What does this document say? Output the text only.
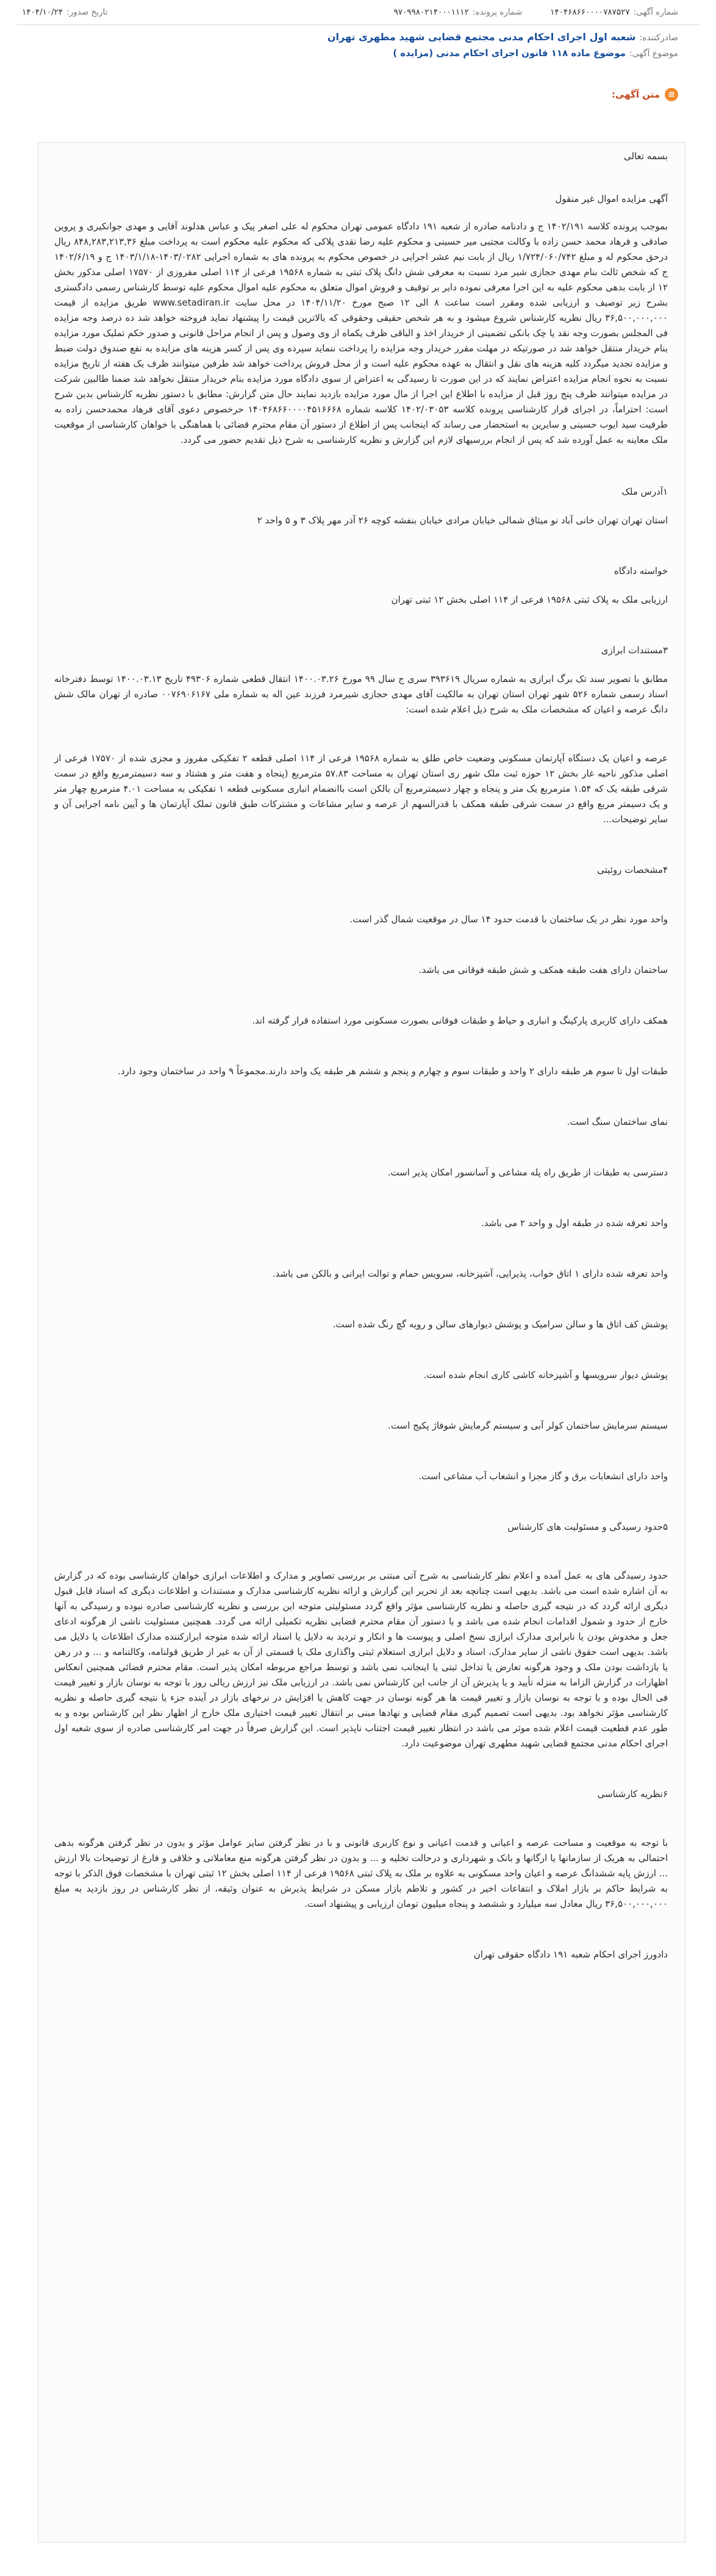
شماره آگهی:۱۴۰۴۶۸۶۶۰۰۰۰۷۸۷۵۲۷
شماره پرونده:۹۷۰۹۹۸۰۲۱۴۰۰۰۱۱۱۲
تاریخ صدور:۱۴۰۴/۱۰/۲۴
صادرکننده:شعبه اول اجرای احکام مدنی مجتمع قضایی شهید مطهری تهران
موضوع آگهی:موضوع ماده ۱۱۸ قانون اجرای احکام مدنی (مزایده )
≡
متن آگهی:

بسمه تعالی

آگهی مزایده اموال غیر منقول

بموجب پرونده کلاسه ۱۴۰۲/۱۹۱ ج و دادنامه صادره از شعبه ۱۹۱ دادگاه عمومی تهران محکوم له علی اصغر پیک و عباس هدلوند آقایی و مهدی جوانکیری و پروین صادقی و فرهاد محمد حسن زاده با وکالت مجتبی میر حسینی و محکوم علیه رضا نقدی پلاکی که محکوم علیه محکوم است به پرداخت مبلغ ۸۴۸,۲۸۳,۲۱۳,۳۶ ریال درحق محکوم له و مبلغ ۱/۷۲۴/۰۶۰/۷۴۲ ریال از بابت نیم عشر اجرایی در خصوص محکوم به پرونده های به شماره اجرایی ۱۴۰۳/۰۲۸۲-۱۴۰۳/۱/۱۸ ج و ۱۴۰۲/۶/۱۹ ج که شخص ثالث بنام مهدی حجازی شیر مرد نسبت به معرفی شش دانگ پلاک ثبتی به شماره ۱۹۵۶۸ فرعی از ۱۱۴ اصلی مفروزی از ۱۷۵۷۰ اصلی مذکور بخش ۱۲ از بابت بدهی محکوم علیه به این اجرا معرفی نموده دایر بر توقیف و فروش اموال متعلق به محکوم علیه اموال محکوم علیه توسط کارشناس رسمی دادگستری بشرح زیر توصیف و ارزیابی شده ومقرر است ساعت ۸ الی ۱۲ صبح مورخ ۱۴۰۴/۱۱/۲۰ در محل سایت www.setadiran.ir طریق مزایده از قیمت ۳۶,۵۰۰,۰۰۰,۰۰۰ ریال نظریه کارشناس شروع میشود و به هر شخص حقیقی وحقوقی که بالاترین قیمت را پیشنهاد نماید فروخته خواهد شد ده درصد وجه مزایده فی المجلس بصورت وجه نقد یا چک بانکی تضمینی از خریدار اخذ و الباقی ظرف یکماه از وی وصول و پس از انجام مراحل قانونی و صدور حکم تملیک مورد مزایده بنام خریدار منتقل خواهد شد در صورتیکه در مهلت مقرر خریدار وجه مزایده را پرداخت ننماید سپرده وی پس از کسر هزینه های مزایده به نفع صندوق دولت ضبط و مزایده تجدید میگردد کلیه هزینه های نقل و انتقال به عهده محکوم علیه است و از محل فروش پرداخت خواهد شد طرفین میتوانند ظرف یک هفته از تاریخ مزایده نسبت به نحوه انجام مزایده اعتراض نمایند که در این صورت تا رسیدگی به اعتراض از سوی دادگاه مورد مزایده بنام خریدار منتقل نخواهد شد ضمنا طالبین شرکت در مزایده میتوانند ظرف پنج روز قبل از مزایده با اطلاع این اجرا از مال مورد مزایده بازدید نمایند حال متن گزارش: مطابق با دستور نظریه کارشناس بدین شرح است: احتراماً، در اجرای قرار کارشناسی پرونده کلاسه ۱۴۰۲/۰۳۰۵۳ کلاسه شماره ۱۴۰۴۶۸۶۶۰۰۰۰۴۵۱۶۶۶۸ حرخصوص دعوی آقای فرهاد محمدحسن زاده به طرفیت سید ایوب حسینی و سایرین به استحضار می رساند که اینجانب پس از اطلاع از دستور آن مقام محترم قضائی با هماهنگی با خواهان کارشناسی از موقعیت ملک معاینه به عمل آورده شد که پس از انجام بررسیهای لازم این گزارش و نظریه کارشناسی به شرح ذیل تقدیم حضور می گردد.

۱آدرس ملک

استان تهران تهران خانی آباد نو میثاق شمالی خیابان مرادی خیابان بنفشه کوچه ۲۶ آذر مهر پلاک ۳ و ۵ واحد ۲

خواسته دادگاه

ارزیابی ملک به پلاک ثبتی ۱۹۵۶۸ فرعی از ۱۱۴ اصلی بخش ۱۲ ثبتی تهران

۳مستندات ابرازی

مطابق با تصویر سند تک برگ ابرازی به شماره سریال ۳۹۳۶۱۹ سری ج سال ۹۹ مورخ ۱۴۰۰.۰۳.۲۶ انتقال قطعی شماره ۴۹۳۰۶ تاریخ ۱۴۰۰.۰۳.۱۳ توسط دفترخانه اسناد رسمی شماره ۵۲۶ شهر تهران استان تهران به مالکیت آقای مهدی حجازی شیرمرد فرزند عین اله به شماره ملی ۰۰۷۶۹۰۶۱۶۷ صادره از تهران مالک شش دانگ عرصه و اعیان که مشخصات ملک به شرح ذیل اعلام شده است:

عرصه و اعیان یک دستگاه آپارتمان مسکونی وضعیت خاص طلق به شماره ۱۹۵۶۸ فرعی از ۱۱۴ اصلی قطعه ۲ تفکیکی مفروز و مجزی شده از ۱۷۵۷۰ فرعی از اصلی مذکور ناحیه غار بخش ۱۲ حوزه ثبت ملک شهر ری استان تهران به مساحت ۵۷.۸۳ مترمربع (پنجاه و هفت متر و هشتاد و سه دسیمترمربع واقع در سمت شرقی طبقه یک که ۱.۵۴ مترمربع یک متر و پنجاه و چهار دسیمترمربع آن بالکن است باانضمام انباری مسکونی قطعه ۱ تفکیکی به مساحت ۴.۰۱ مترمربع چهار متر و یک دسیمتر مربع واقع در سمت شرقی طبقه همکف با قدرالسهم از عرصه و سایر مشاعات و مشترکات طبق قانون تملک آپارتمان ها و آیین نامه اجرایی آن و سایر توضیحات...

۴مشخصات روئیتی

واحد مورد نظر در یک ساختمان با قدمت حدود ۱۴ سال در موقعیت شمال گذر است.

ساختمان دارای هفت طبقه همکف و شش طبقه فوقانی می باشد.

همکف دارای کاربری پارکینگ و انباری و حیاط و طبقات فوقانی بصورت مسکونی مورد استفاده قرار گرفته اند.

طبقات اول تا سوم هر طبقه دارای ۲ واحد و طبقات سوم و چهارم و پنجم و ششم هر طبقه یک واحد دارند.مجموعاً ۹ واحد در ساختمان وجود دارد.

نمای ساختمان سنگ است.

دسترسی به طبقات از طریق راه پله مشاعی و آسانسور امکان پذیر است.

واحد تعرفه شده در طبقه اول و واحد ۲ می باشد.

واحد تعرفه شده دارای ۱ اتاق خواب، پذیرایی، آشپزخانه، سرویس حمام و توالت ایرانی و بالکن می باشد.

پوشش کف اتاق ها و سالن سرامیک و پوشش دیوارهای سالن و رویه گچ رنگ شده است.

پوشش دیوار سرویسها و آشپزخانه کاشی کاری انجام شده است.

سیستم سرمایش ساختمان کولر آبی و سیستم گرمایش شوفاژ پکیج است.

واحد دارای انشعابات برق و گاز مجزا و انشعاب آب مشاعی است.

۵حدود رسیدگی و مسئولیت های کارشناس

حدود رسیدگی های به عمل آمده و اعلام نظر کارشناسی به شرح آتی مبتنی بر بررسی تصاویر و مدارک و اطلاعات ابرازی خواهان کارشناسی بوده که در گزارش به آن اشاره شده است می باشد. بدیهی است چنانچه بعد از تحریر این گزارش و ارائه نظریه کارشناسی مدارک و مستندات و اطلاعات دیگری که اسناد قابل قبول دیگری ارائه گردد که در نتیجه گیری حاصله و نظریه کارشناسی مؤثر واقع گردد مسئولیتی متوجه این بررسی و نظریه کارشناسی صادره نبوده و رسیدگی به آنها خارج از حدود و شمول اقدامات انجام شده می باشد و با دستور آن مقام محترم قضایی نظریه تکمیلی ارائه می گردد. همچنین مسئولیت ناشی از هرگونه ادعای جعل و مخدوش بودن یا نابرابری مدارک ابرازی نسخ اصلی و پیوست ها و انکار و تردید به دلایل یا اسناد ارائه شده متوجه ابرازکننده مدارک اطلاعات یا دلایل می باشد. بدیهی است حقوق ناشی از سایر مدارک، اسناد و دلایل ابرازی استعلام ثبتی واگذاری ملک یا قسمتی از آن به غیر از طریق قولنامه، وکالتنامه و ... و در رهن یا بازداشت بودن ملک و وجود هرگونه تعارض یا تداخل ثبتی یا اینجانب نمی باشد و توسط مراجع مربوطه امکان پذیر است. مقام محترم قضائی همچنین انعکاس اظهارات در گزارش الزاما به منزله تأیید و یا پذیرش آن از جانب این کارشناس نمی باشد. در ارزیابی ملک نیز ارزش ریالی روز با توجه به نوسان بازار و تغییر قیمت فی الحال بوده و با توجه به نوسان بازار و تغییر قیمت ها هر گونه نوسان در جهت کاهش یا افزایش در نرخهای بازار در آینده جزء یا نتیجه گیری حاصله و نظریه کارشناسی مؤثر نخواهد بود. بدیهی است تصمیم گیری مقام قضایی و نهادها مبنی بر انتقال تغییر قیمت اختیاری ملک خارج از اظهار نظر این کارشناس بوده و به طور عدم قطعیت قیمت اعلام شده موثر می باشد در انتظار تغییر قیمت اجتناب ناپذیر است. این گزارش صرفاً در جهت امر کارشناسی صادره از سوی شعبه اول اجرای احکام مدنی مجتمع قضایی شهید مطهری تهران موضوعیت دارد.

۶نظریه کارشناسی

با توجه به موقعیت و مساحت عرصه و اعیانی و قدمت اعیانی و نوع کاربری قانونی و با در نظر گرفتن سایر عوامل مؤثر و بدون در نظر گرفتن هرگونه بدهی احتمالی به هریک از سازمانها یا ارگانها و بانک و شهرداری و درحالت تخلیه و ... و بدون در نظر گرفتن هرگونه منع معاملاتی و خلافی و فارغ از توضیحات بالا ارزش ... ارزش پایه ششدانگ عرصه و اعیان واحد مسکونی به علاوه بر ملک به پلاک ثبتی ۱۹۵۶۸ فرعی از ۱۱۴ اصلی بخش ۱۲ ثبتی تهران با مشخصات فوق الذکر با توجه به شرایط حاکم بر بازار املاک و انتفاعات اخیر در کشور و تلاطم بازار مسکن در شرایط پذیرش به عنوان وثیقه، از نظر کارشناس در روز بازدید به مبلغ ۳۶,۵۰۰,۰۰۰,۰۰۰ ریال معادل سه میلیارد و ششصد و پنجاه میلیون تومان ارزیابی و پیشنهاد است.

دادورز اجرای احکام شعبه ۱۹۱ دادگاه حقوقی تهران
